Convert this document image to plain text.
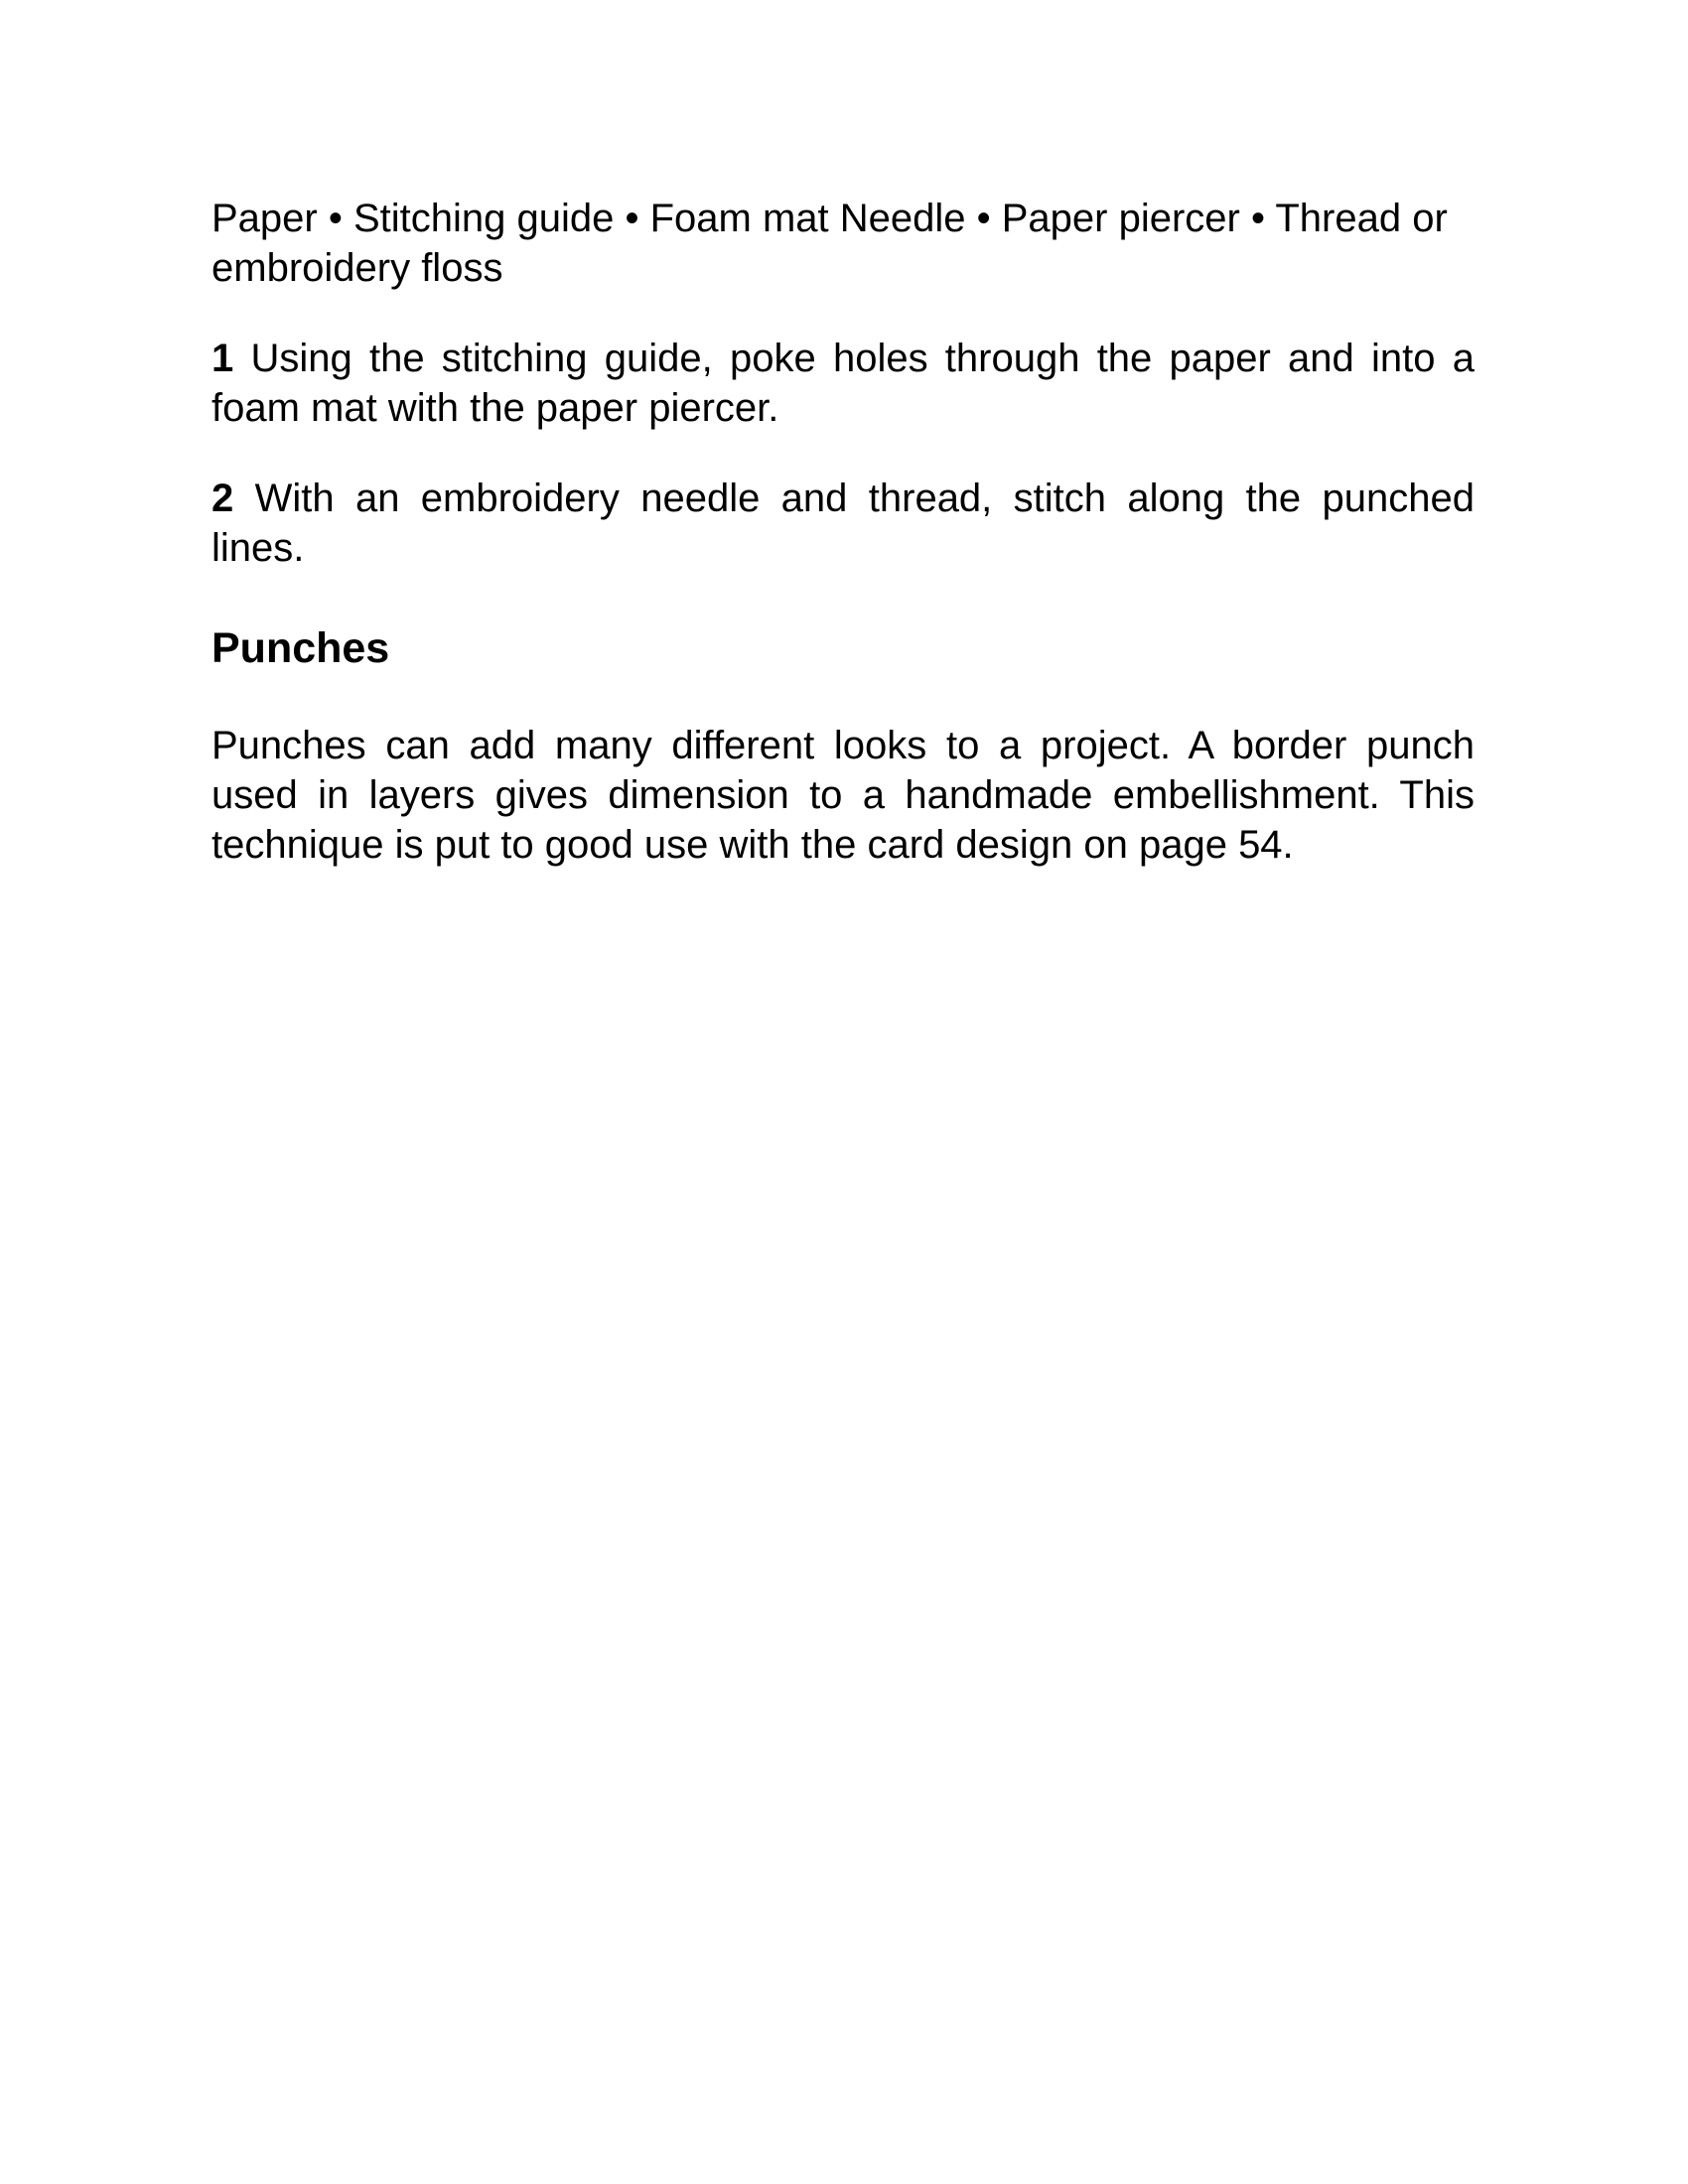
Paper • Stitching guide • Foam mat Needle • Paper piercer • Thread or embroidery floss

1 Using the stitching guide, poke holes through the paper and into a foam mat with the paper piercer.

2 With an embroidery needle and thread, stitch along the punched lines.

Punches

Punches can add many different looks to a project. A border punch used in layers gives dimension to a handmade embellishment. This technique is put to good use with the card design on page 54.
